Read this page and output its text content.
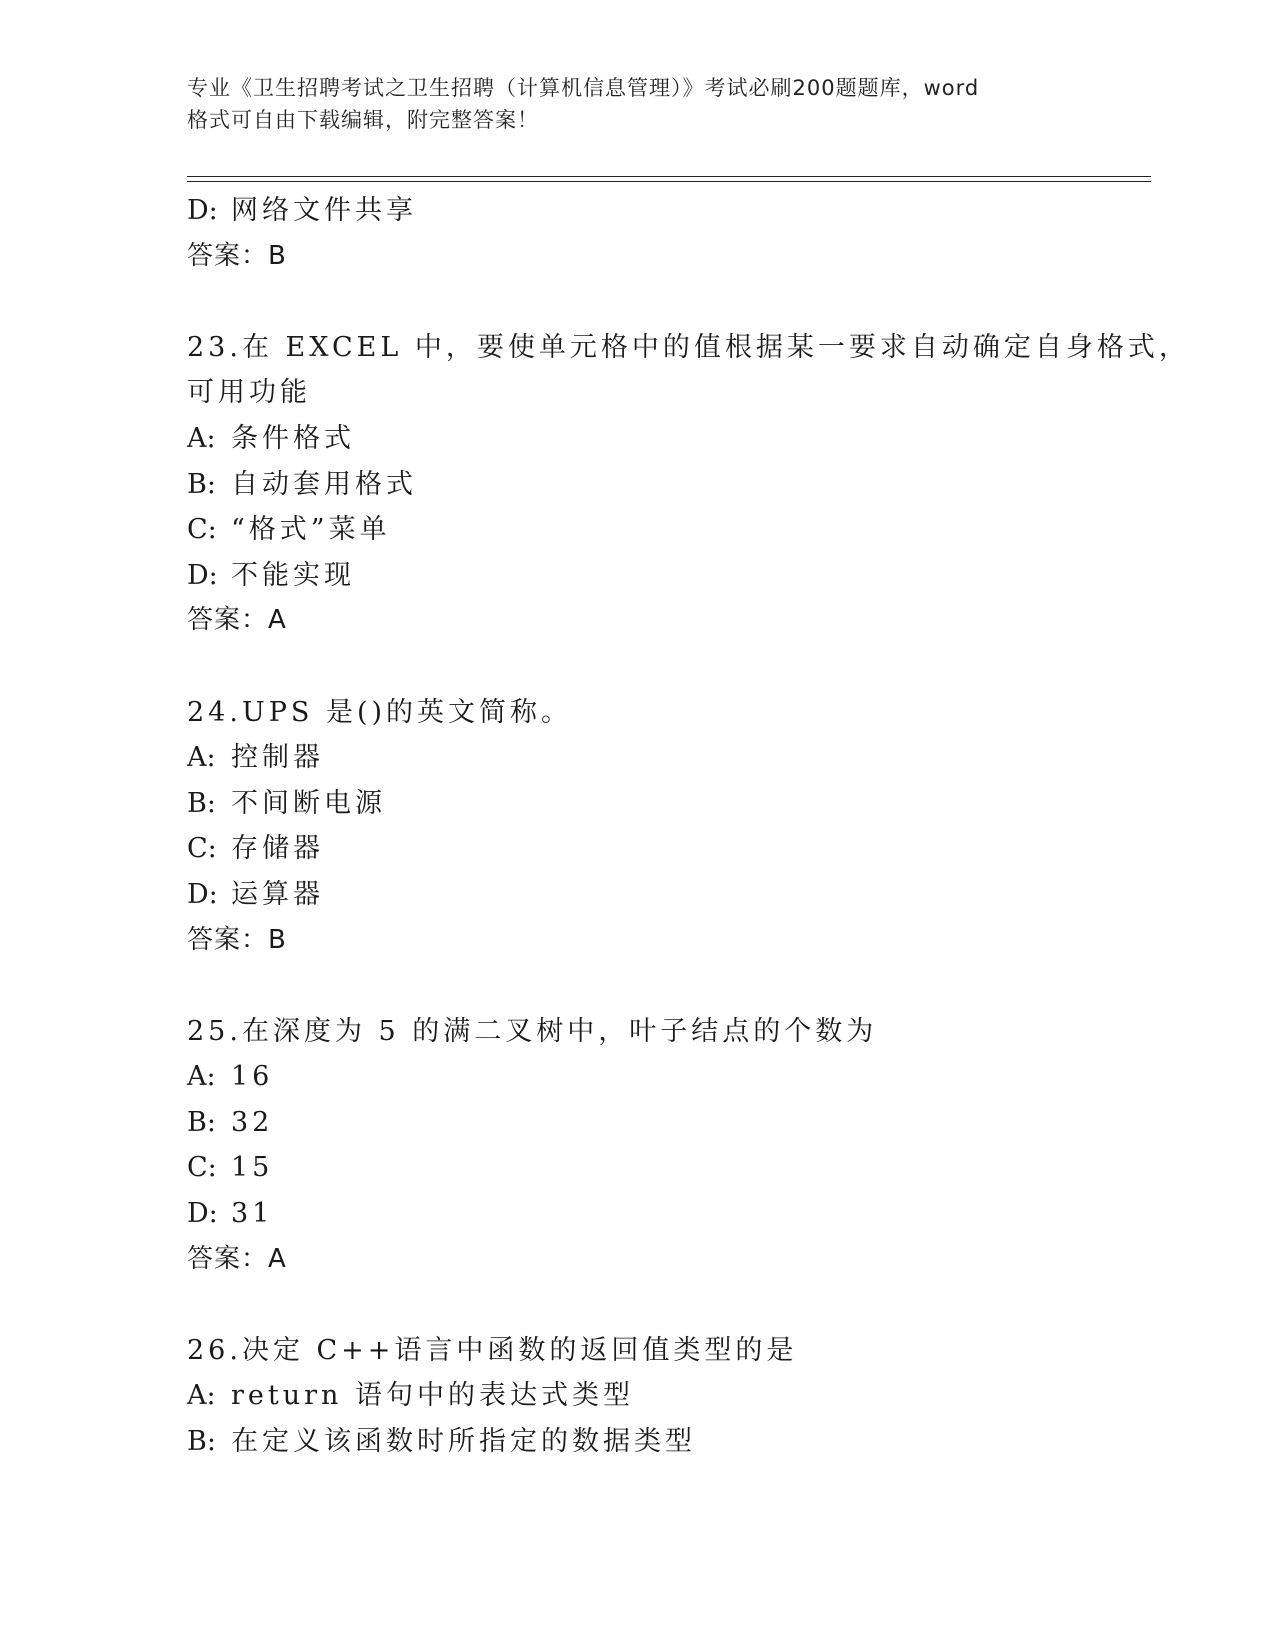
专业《卫生招聘考试之卫生招聘（计算机信息管理）》考试必刷200题题库，word
格式可自由下载编辑，附完整答案！
D: 网络文件共享
答案：B
23.在 EXCEL 中，要使单元格中的值根据某一要求自动确定自身格式，
可用功能
A: 条件格式
B: 自动套用格式
C: “格式”菜单
D: 不能实现
答案：A
24.UPS 是()的英文简称。
A: 控制器
B: 不间断电源
C: 存储器
D: 运算器
答案：B
25.在深度为 5 的满二叉树中，叶子结点的个数为
A: 16
B: 32
C: 15
D: 31
答案：A
26.决定 C++语言中函数的返回值类型的是
A: return 语句中的表达式类型
B: 在定义该函数时所指定的数据类型
